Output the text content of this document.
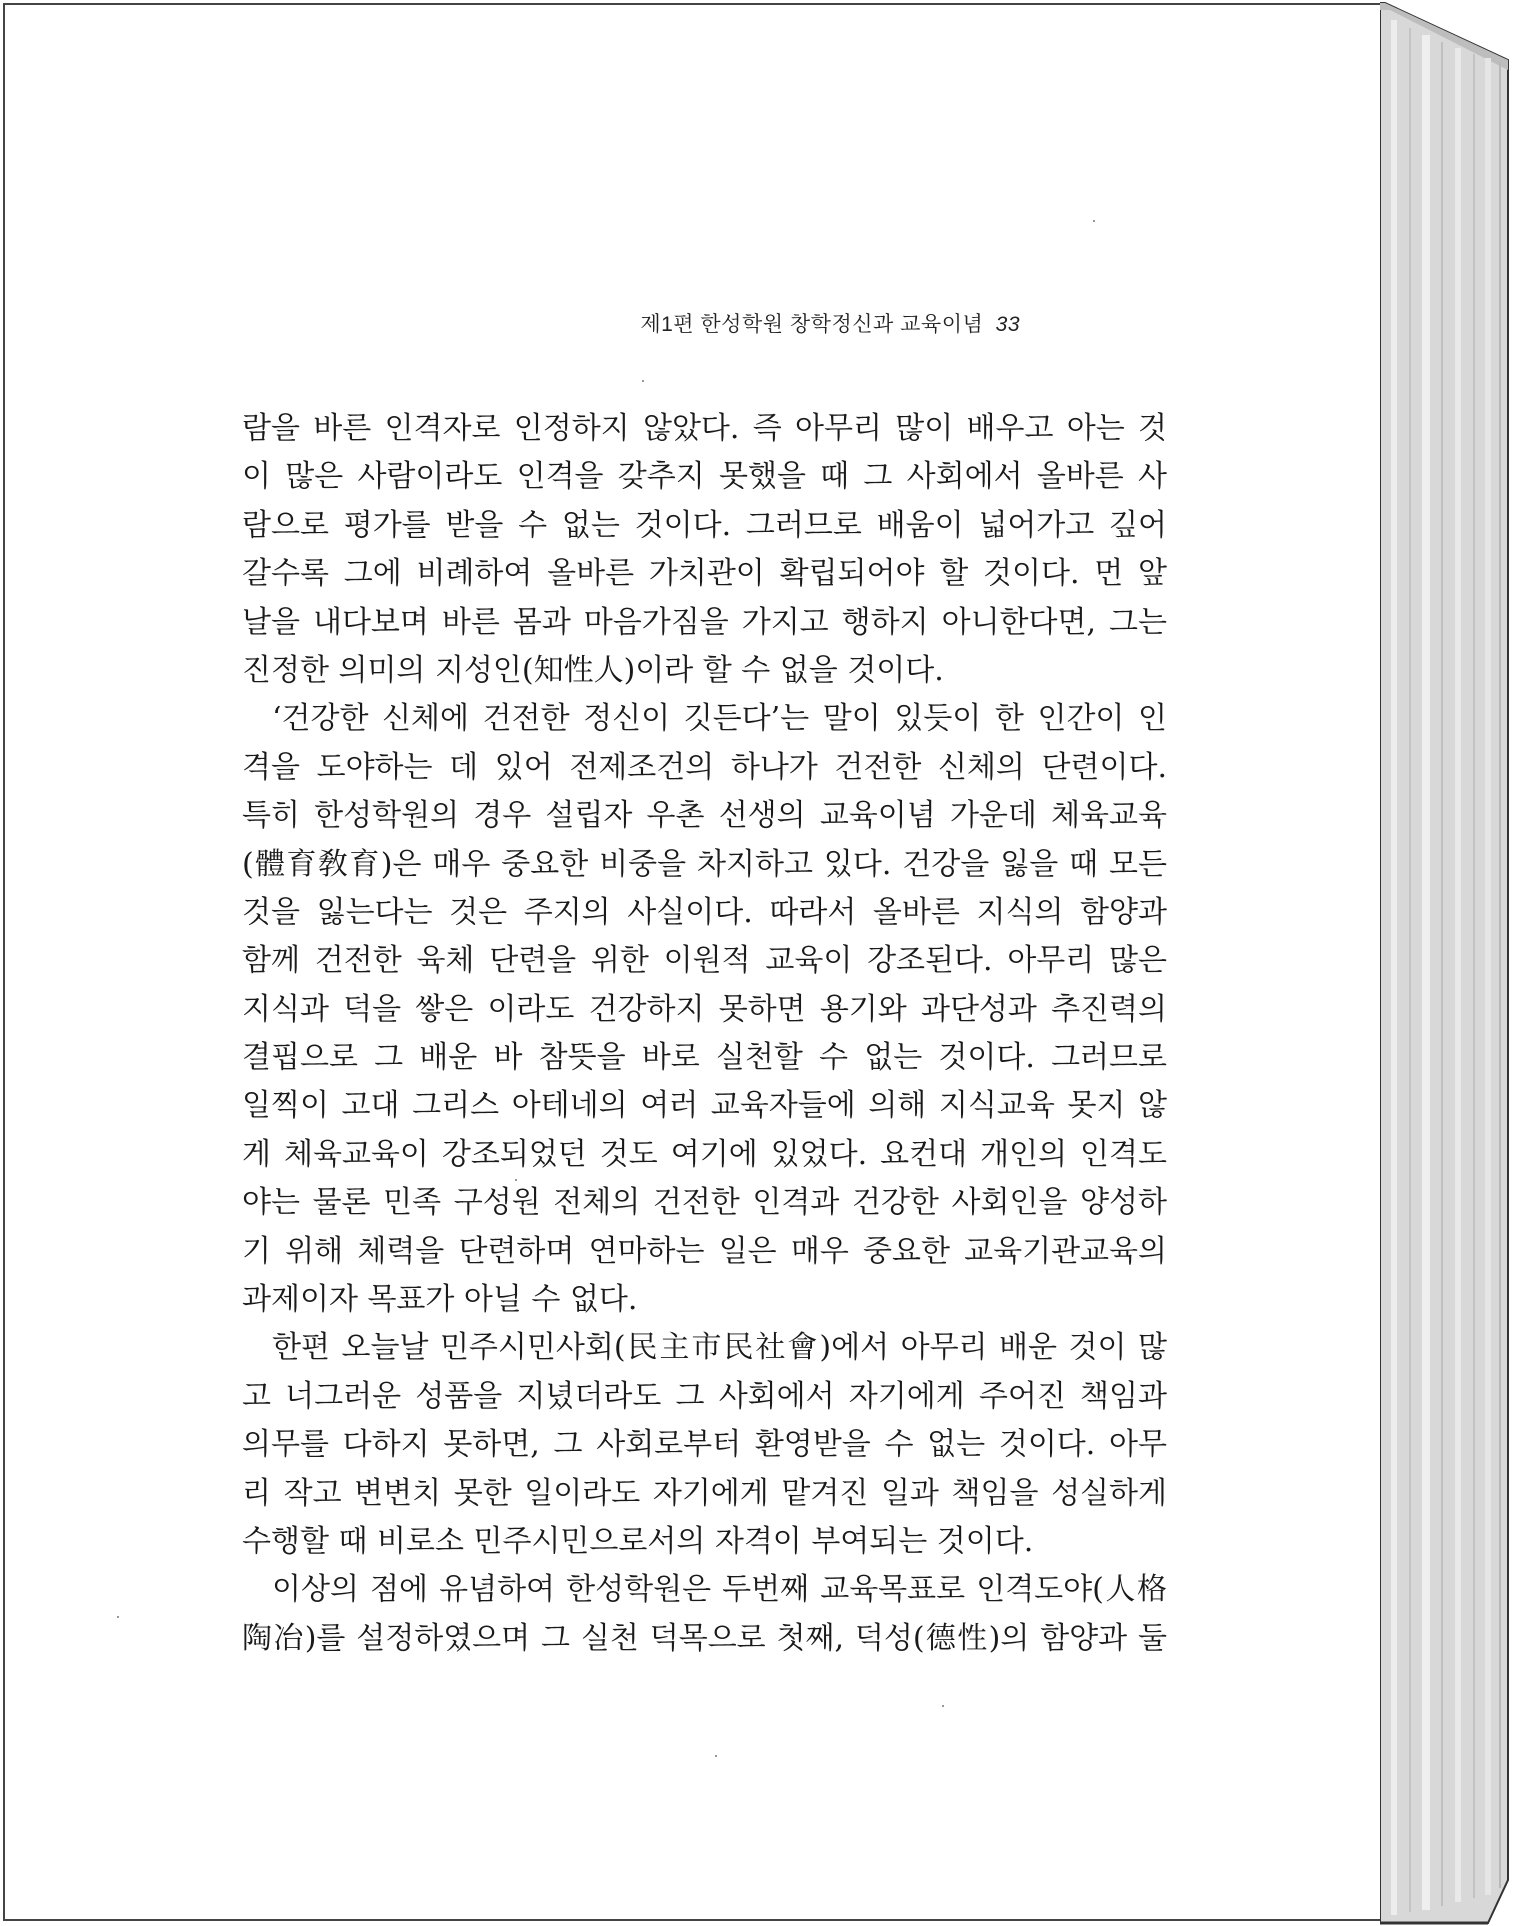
제1편 한성학원 창학정신과 교육이념 33
람을 바른 인격자로 인정하지 않았다. 즉 아무리 많이 배우고 아는 것
이 많은 사람이라도 인격을 갖추지 못했을 때 그 사회에서 올바른 사
람으로 평가를 받을 수 없는 것이다. 그러므로 배움이 넓어가고 깊어
갈수록 그에 비례하여 올바른 가치관이 확립되어야 할 것이다. 먼 앞
날을 내다보며 바른 몸과 마음가짐을 가지고 행하지 아니한다면, 그는
진정한 의미의 지성인(知性人)이라 할 수 없을 것이다.
‘건강한 신체에 건전한 정신이 깃든다’는 말이 있듯이 한 인간이 인
격을 도야하는 데 있어 전제조건의 하나가 건전한 신체의 단련이다.
특히 한성학원의 경우 설립자 우촌 선생의 교육이념 가운데 체육교육
(體育敎育)은 매우 중요한 비중을 차지하고 있다. 건강을 잃을 때 모든
것을 잃는다는 것은 주지의 사실이다. 따라서 올바른 지식의 함양과
함께 건전한 육체 단련을 위한 이원적 교육이 강조된다. 아무리 많은
지식과 덕을 쌓은 이라도 건강하지 못하면 용기와 과단성과 추진력의
결핍으로 그 배운 바 참뜻을 바로 실천할 수 없는 것이다. 그러므로
일찍이 고대 그리스 아테네의 여러 교육자들에 의해 지식교육 못지 않
게 체육교육이 강조되었던 것도 여기에 있었다. 요컨대 개인의 인격도
야는 물론 민족 구성원 전체의 건전한 인격과 건강한 사회인을 양성하
기 위해 체력을 단련하며 연마하는 일은 매우 중요한 교육기관교육의
과제이자 목표가 아닐 수 없다.
한편 오늘날 민주시민사회(民主市民社會)에서 아무리 배운 것이 많
고 너그러운 성품을 지녔더라도 그 사회에서 자기에게 주어진 책임과
의무를 다하지 못하면, 그 사회로부터 환영받을 수 없는 것이다. 아무
리 작고 변변치 못한 일이라도 자기에게 맡겨진 일과 책임을 성실하게
수행할 때 비로소 민주시민으로서의 자격이 부여되는 것이다.
이상의 점에 유념하여 한성학원은 두번째 교육목표로 인격도야(人格
陶冶)를 설정하였으며 그 실천 덕목으로 첫째, 덕성(德性)의 함양과 둘
